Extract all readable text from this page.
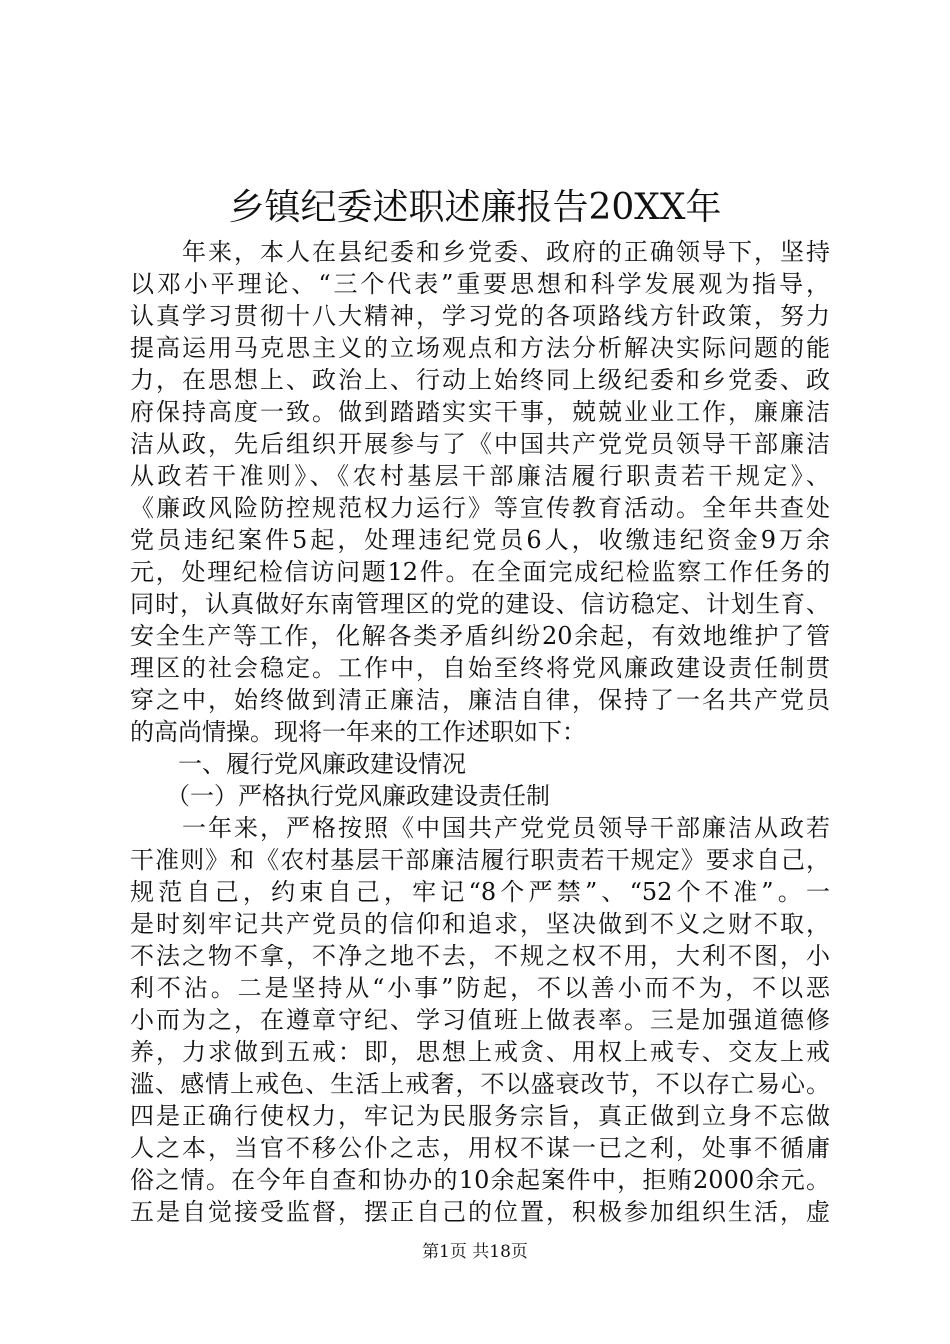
乡镇纪委述职述廉报告20XX年
　　年来，本人在县纪委和乡党委、政府的正确领导下，坚持
以邓小平理论、“三个代表”重要思想和科学发展观为指导，
认真学习贯彻十八大精神，学习党的各项路线方针政策，努力
提高运用马克思主义的立场观点和方法分析解决实际问题的能
力，在思想上、政治上、行动上始终同上级纪委和乡党委、政
府保持高度一致。做到踏踏实实干事，兢兢业业工作，廉廉洁
洁从政，先后组织开展参与了《中国共产党党员领导干部廉洁
从政若干准则》、《农村基层干部廉洁履行职责若干规定》、
《廉政风险防控规范权力运行》等宣传教育活动。全年共查处
党员违纪案件5起，处理违纪党员6人，收缴违纪资金9万余
元，处理纪检信访问题12件。在全面完成纪检监察工作任务的
同时，认真做好东南管理区的党的建设、信访稳定、计划生育、
安全生产等工作，化解各类矛盾纠纷20余起，有效地维护了管
理区的社会稳定。工作中，自始至终将党风廉政建设责任制贯
穿之中，始终做到清正廉洁，廉洁自律，保持了一名共产党员
的高尚情操。现将一年来的工作述职如下：
　　一、履行党风廉政建设情况
　　（一）严格执行党风廉政建设责任制
　　一年来，严格按照《中国共产党党员领导干部廉洁从政若
干准则》和《农村基层干部廉洁履行职责若干规定》要求自己，
规范自己，约束自己，牢记“8个严禁”、“52个不准”。一
是时刻牢记共产党员的信仰和追求，坚决做到不义之财不取，
不法之物不拿，不净之地不去，不规之权不用，大利不图，小
利不沾。二是坚持从“小事”防起，不以善小而不为，不以恶
小而为之，在遵章守纪、学习值班上做表率。三是加强道德修
养，力求做到五戒：即，思想上戒贪、用权上戒专、交友上戒
滥、感情上戒色、生活上戒奢，不以盛衰改节，不以存亡易心。
四是正确行使权力，牢记为民服务宗旨，真正做到立身不忘做
人之本，当官不移公仆之志，用权不谋一已之利，处事不循庸
俗之情。在今年自查和协办的10余起案件中，拒贿2000余元。
五是自觉接受监督，摆正自己的位置，积极参加组织生活，虚
第1页 共18页
